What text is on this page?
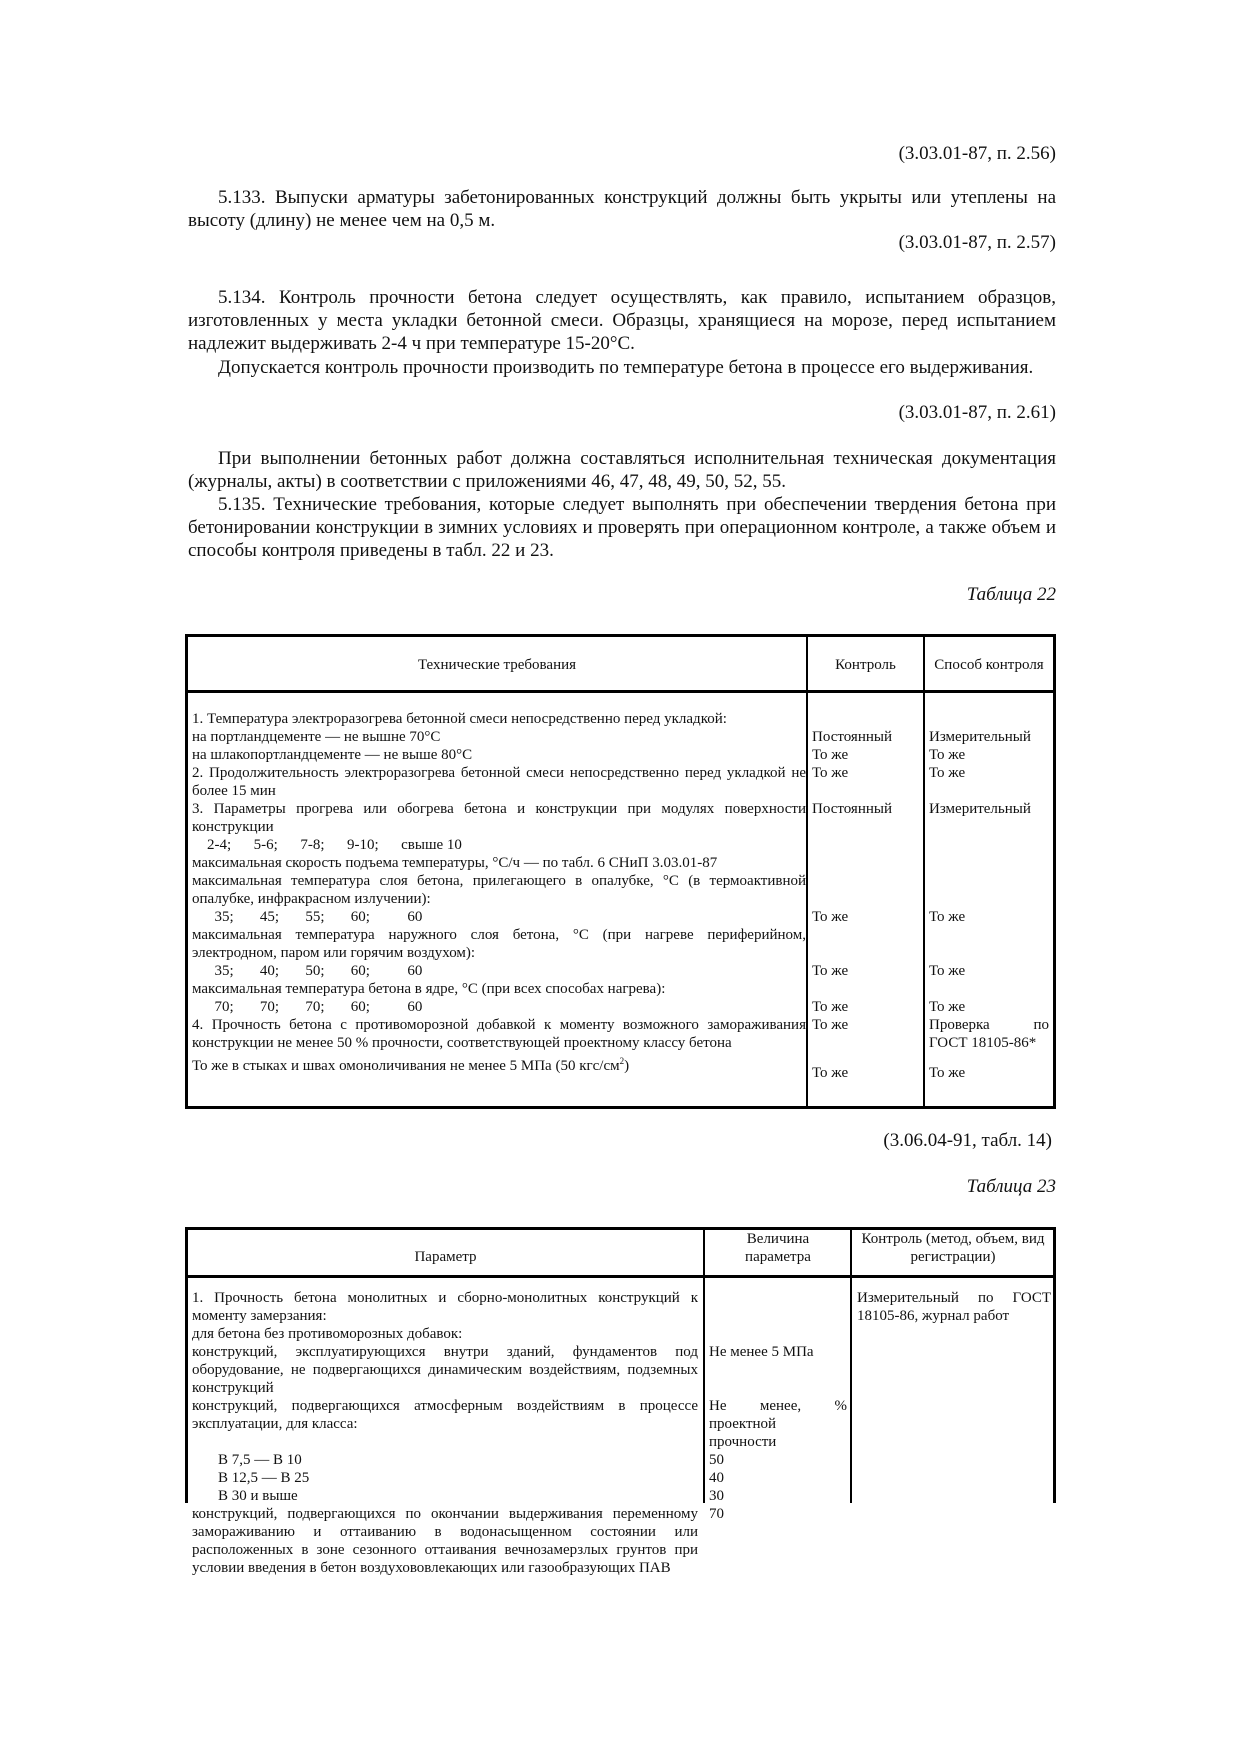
(3.03.01-87, п. 2.56)
5.133. Выпуски арматуры забетонированных конструкций должны быть укрыты или утеплены на высоту (длину) не менее чем на 0,5 м.
(3.03.01-87, п. 2.57)
5.134. Контроль прочности бетона следует осуществлять, как правило, испытанием образцов, изготовленных у места укладки бетонной смеси. Образцы, хранящиеся на морозе, перед испытанием надлежит выдерживать 2-4 ч при температуре 15-20°С.
Допускается контроль прочности производить по температуре бетона в процессе его выдерживания.
(3.03.01-87, п. 2.61)
При выполнении бетонных работ должна составляться исполнительная техническая документация (журналы, акты) в соответствии с приложениями 46, 47, 48, 49, 50, 52, 55.
5.135. Технические требования, которые следует выполнять при обеспечении твердения бетона при бетонировании конструкции в зимних условиях и проверять при операционном контроле, а также объем и способы контроля приведены в табл. 22 и 23.
Таблица 22
Технические требования	Контроль	Способ контроля
1. Температура электроразогрева бетонной смеси непосредственно перед укладкой:
на портландцементе — не вышне 70°С
на шлакопортландцементе — не выше 80°С
2. Продолжительность электроразогрева бетонной смеси непосредственно перед укладкой не более 15 мин
3. Параметры прогрева или обогрева бетона и конструкции при модулях поверхности конструкции
2-4;      5-6;      7-8;      9-10;      свыше 10
максимальная скорость подъема температуры, °С/ч — по табл. 6 СНиП 3.03.01-87
максимальная температура слоя бетона, прилегающего в опалубке, °С (в термоактивной опалубке, инфракрасном излучении):
35;       45;       55;       60;          60
максимальная температура наружного слоя бетона, °С (при нагреве периферийном, электродном, паром или горячим воздухом):
35;       40;       50;       60;          60
максимальная температура бетона в ядре, °С (при всех способах нагрева):
70;       70;       70;       60;          60
4. Прочность бетона с противоморозной добавкой к моменту возможного замораживания конструкции не менее 50 % прочности, соответствующей проектному классу бетона
То же в стыках и швах омоноличивания не менее 5 МПа (50 кгс/$см^2$)
Постоянный
То же
То же
Постоянный
То же
То же
То же
То же
То же
Измерительный
То же
То же
Измерительный
То же
То же
То же
Проверка по
ГОСТ 18105-86*
То же
(3.06.04-91, табл. 14)
Таблица 23
Параметр
Величина
параметра
Контроль (метод, объем, вид
регистрации)
1. Прочность бетона монолитных и сборно-монолитных конструкций к моменту замерзания:
для бетона без противоморозных добавок:
конструкций, эксплуатирующихся внутри зданий, фундаментов под оборудование, не подвергающихся динамическим воздействиям, подземных конструкций
конструкций, подвергающихся атмосферным воздействиям в процессе эксплуатации, для класса:
В 7,5 — В 10
В 12,5 — В 25
В 30 и выше
конструкций, подвергающихся по окончании выдерживания переменному замораживанию и оттаиванию в водонасыщенном состоянии или расположенных в зоне сезонного оттаивания вечнозамерзлых грунтов при условии введения в бетон воздухововлекающих или газообразующих ПАВ
Не менее 5 МПа
Не менее, %
проектной
прочности
50
40
30
70
Измерительный по ГОСТ 18105-86, журнал работ
